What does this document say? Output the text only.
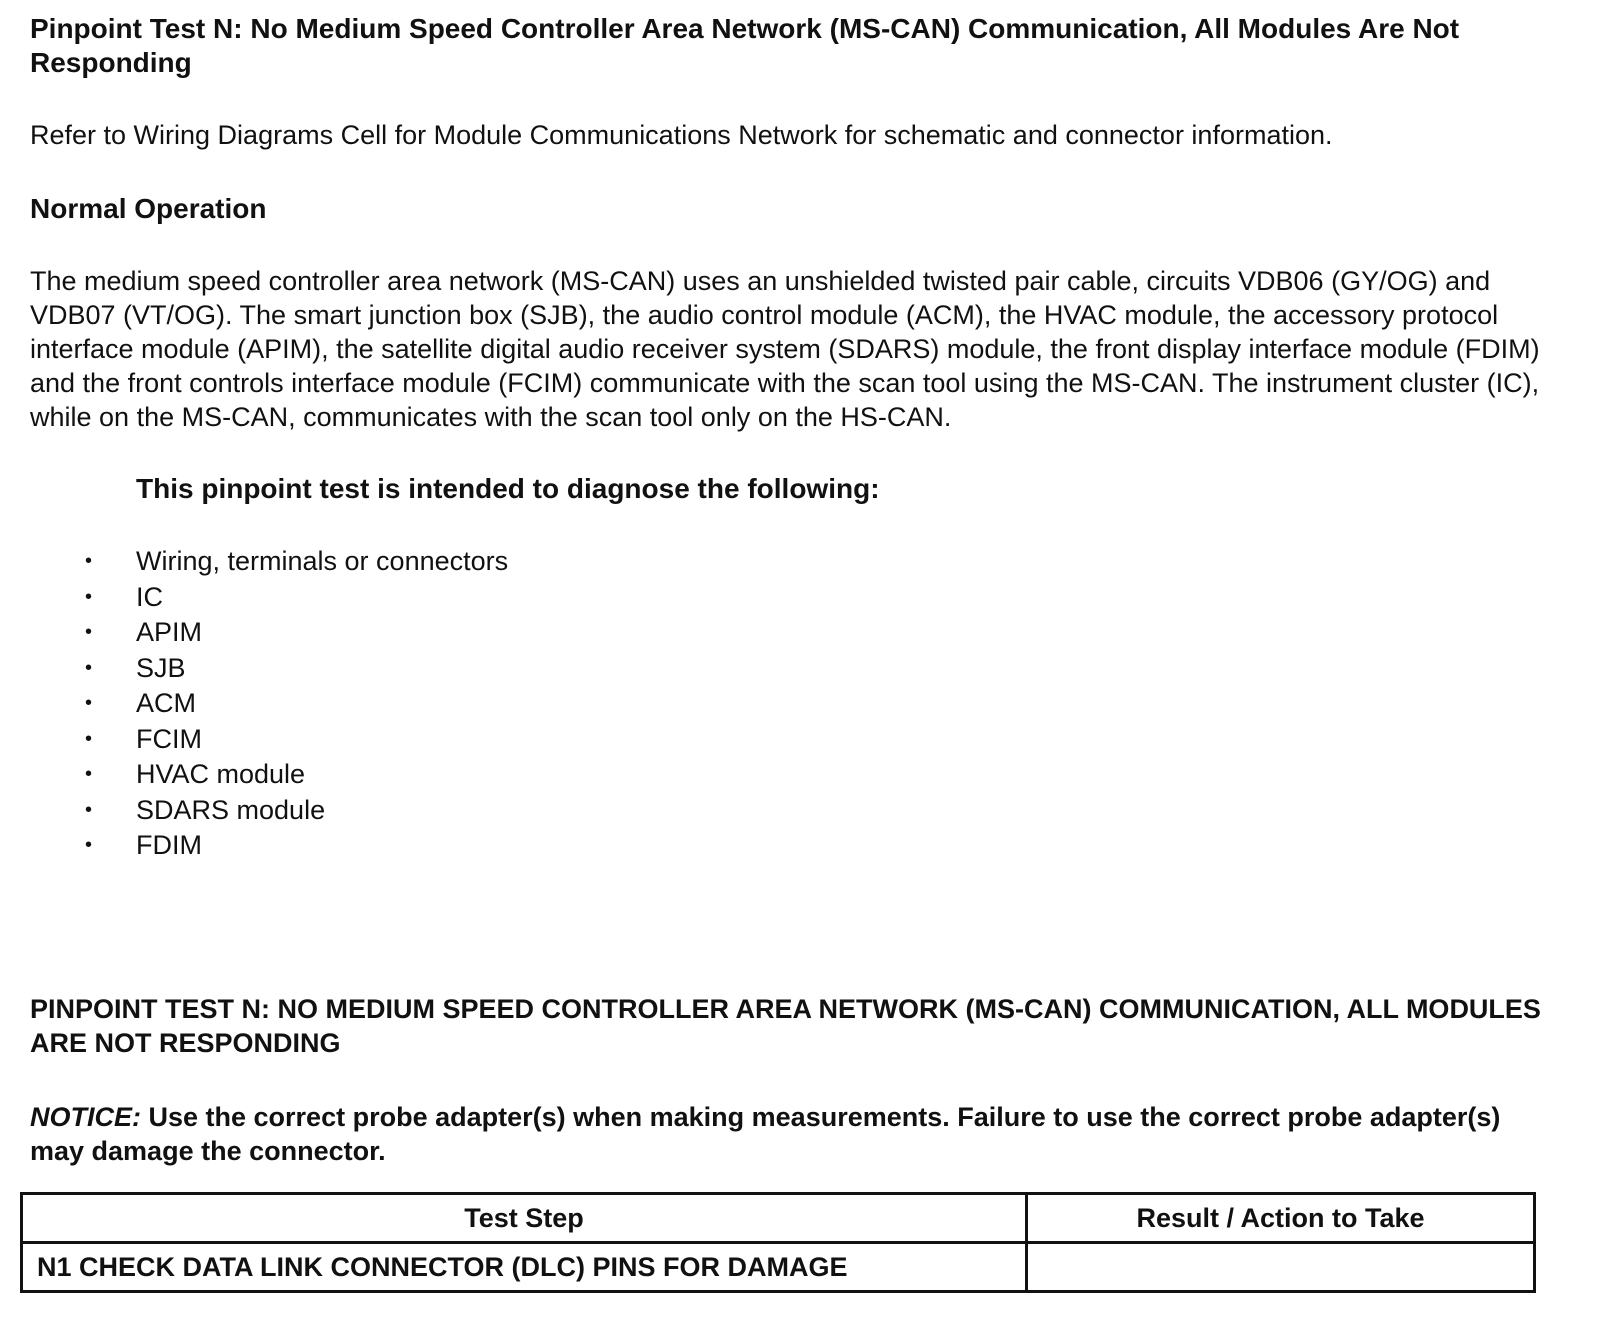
Pinpoint Test N: No Medium Speed Controller Area Network (MS-CAN) Communication, All Modules Are Not Responding
Refer to Wiring Diagrams Cell for Module Communications Network for schematic and connector information.
Normal Operation
The medium speed controller area network (MS-CAN) uses an unshielded twisted pair cable, circuits VDB06 (GY/OG) and VDB07 (VT/OG). The smart junction box (SJB), the audio control module (ACM), the HVAC module, the accessory protocol interface module (APIM), the satellite digital audio receiver system (SDARS) module, the front display interface module (FDIM) and the front controls interface module (FCIM) communicate with the scan tool using the MS-CAN. The instrument cluster (IC), while on the MS-CAN, communicates with the scan tool only on the HS-CAN.
This pinpoint test is intended to diagnose the following:
• Wiring, terminals or connectors
• IC
• APIM
• SJB
• ACM
• FCIM
• HVAC module
• SDARS module
• FDIM
PINPOINT TEST N: NO MEDIUM SPEED CONTROLLER AREA NETWORK (MS-CAN) COMMUNICATION, ALL MODULES ARE NOT RESPONDING
NOTICE: Use the correct probe adapter(s) when making measurements. Failure to use the correct probe adapter(s) may damage the connector.
Test Step	Result / Action to Take
N1 CHECK DATA LINK CONNECTOR (DLC) PINS FOR DAMAGE	
